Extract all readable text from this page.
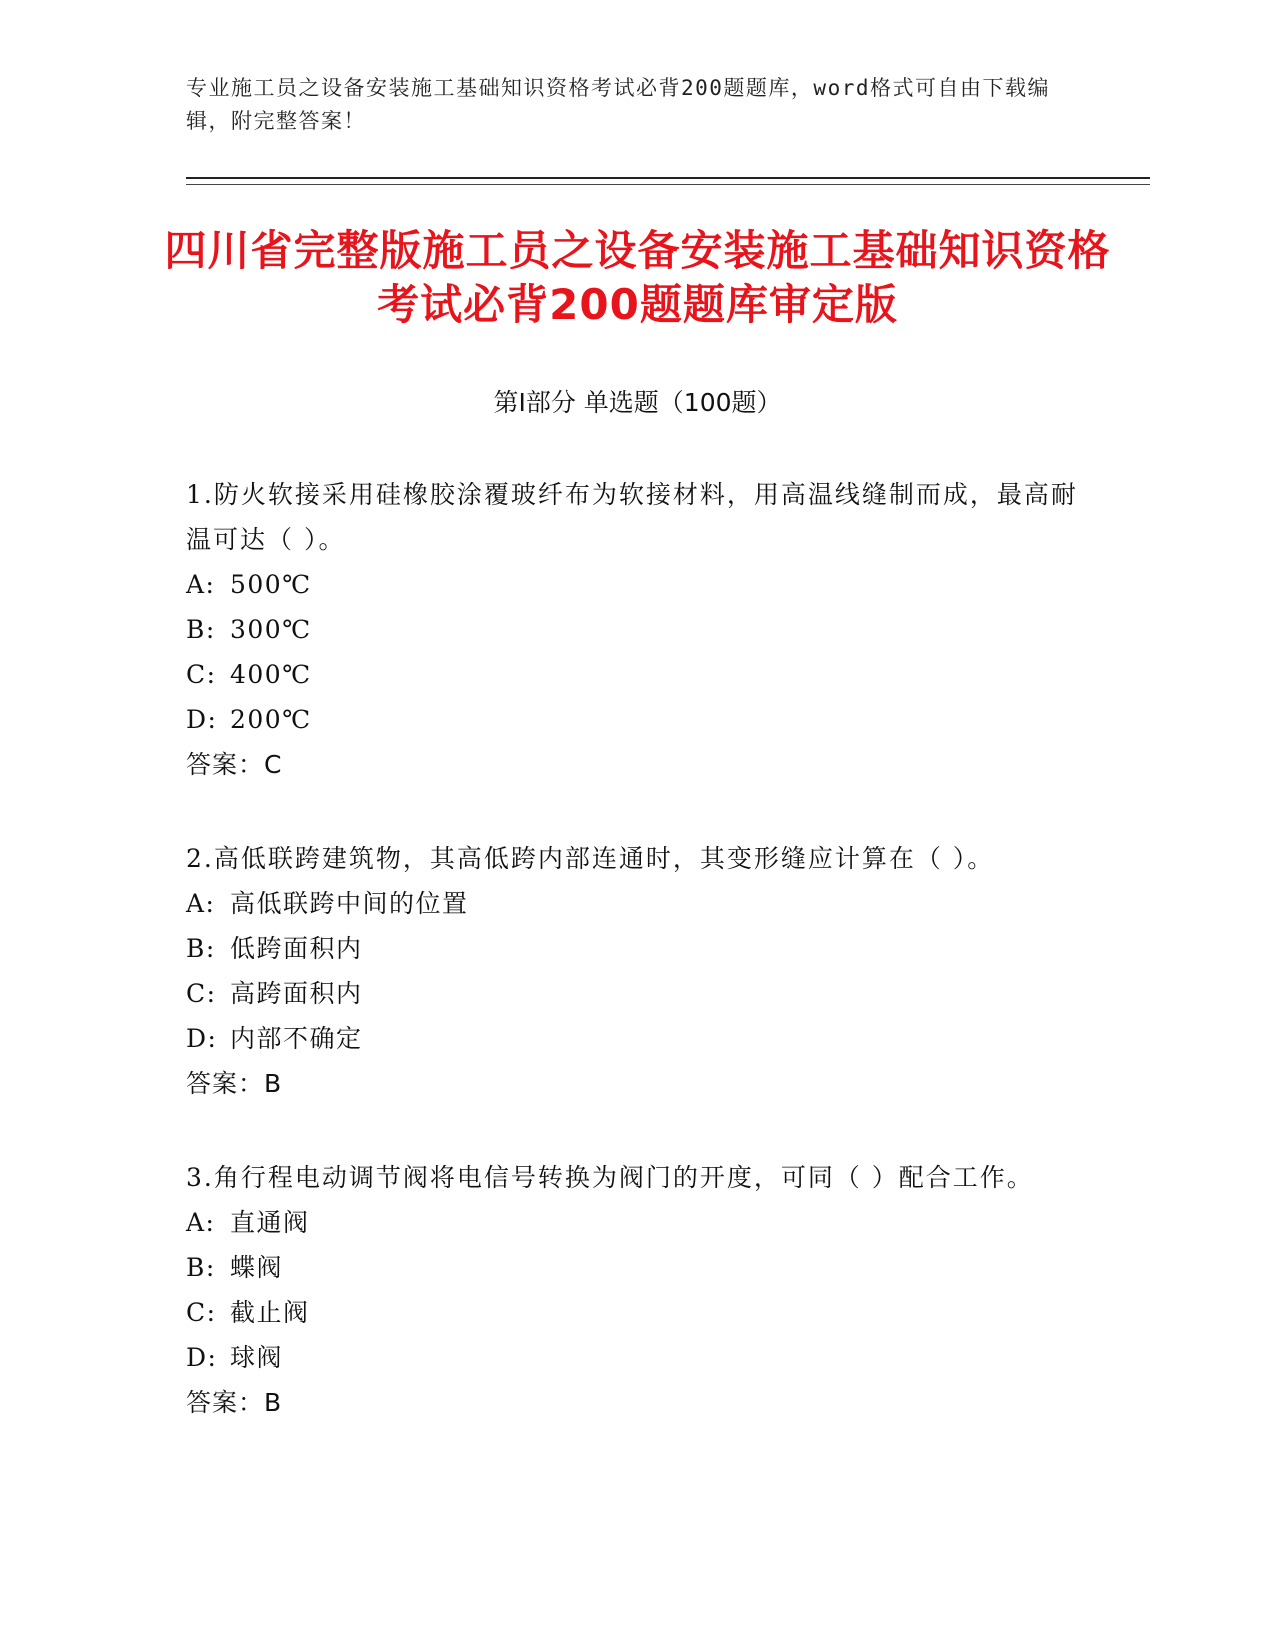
专业施工员之设备安装施工基础知识资格考试必背200题题库，word格式可自由下载编辑，附完整答案！
四川省完整版施工员之设备安装施工基础知识资格考试必背200题题库审定版
第Ⅰ部分 单选题（100题）
1.防火软接采用硅橡胶涂覆玻纤布为软接材料，用高温线缝制而成，最高耐温可达（ ）。
A: 500℃
B: 300℃
C: 400℃
D: 200℃
答案：C
2.高低联跨建筑物，其高低跨内部连通时，其变形缝应计算在（ ）。
A: 高低联跨中间的位置
B: 低跨面积内
C: 高跨面积内
D: 内部不确定
答案：B
3.角行程电动调节阀将电信号转换为阀门的开度，可同（ ）配合工作。
A: 直通阀
B: 蝶阀
C: 截止阀
D: 球阀
答案：B
